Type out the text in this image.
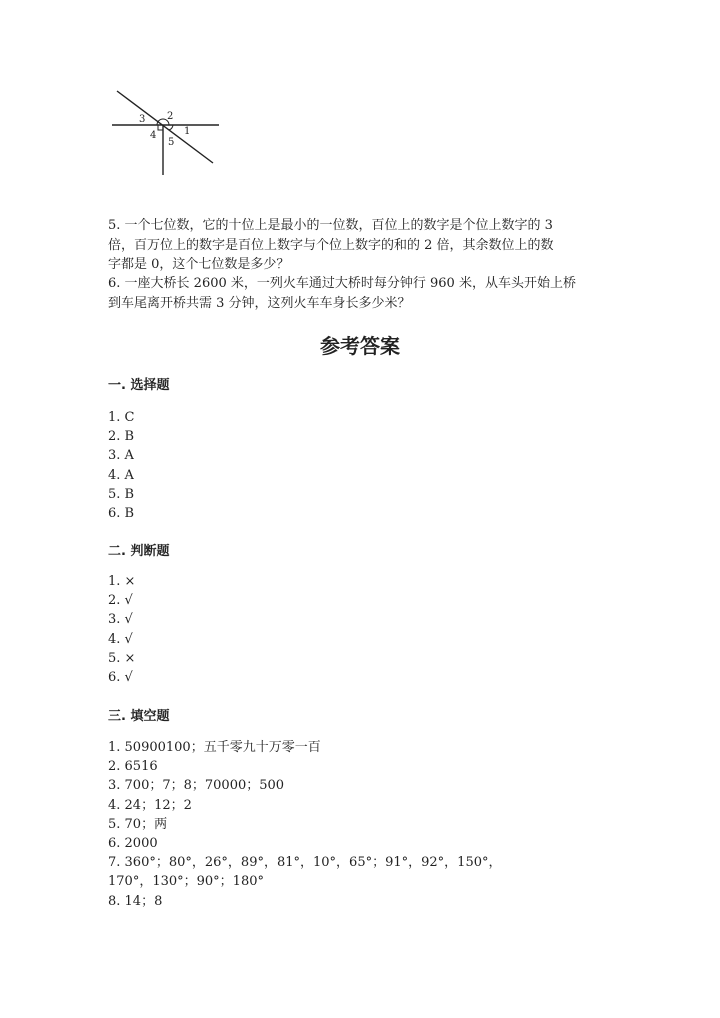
3 2
4
5
1
5. 一个七位数，它的十位上是最小的一位数，百位上的数字是个位上数字的 3
倍，百万位上的数字是百位上数字与个位上数字的和的 2 倍，其余数位上的数
字都是 0，这个七位数是多少？
6. 一座大桥长 2600 米，一列火车通过大桥时每分钟行 960 米，从车头开始上桥
到车尾离开桥共需 3 分钟，这列火车车身长多少米？
参考答案
一. 选择题
1. C
2. B
3. A
4. A
5. B
6. B
二. 判断题
1. ×
2. √
3. √
4. √
5. ×
6. √
三. 填空题
1. 50900100；五千零九十万零一百
2. 6516
3. 700；7；8；70000；500
4. 24；12；2
5. 70；两
6. 2000
7. 360°；80°，26°，89°，81°，10°，65°；91°，92°，150°，
170°，130°；90°；180°
8. 14；8
